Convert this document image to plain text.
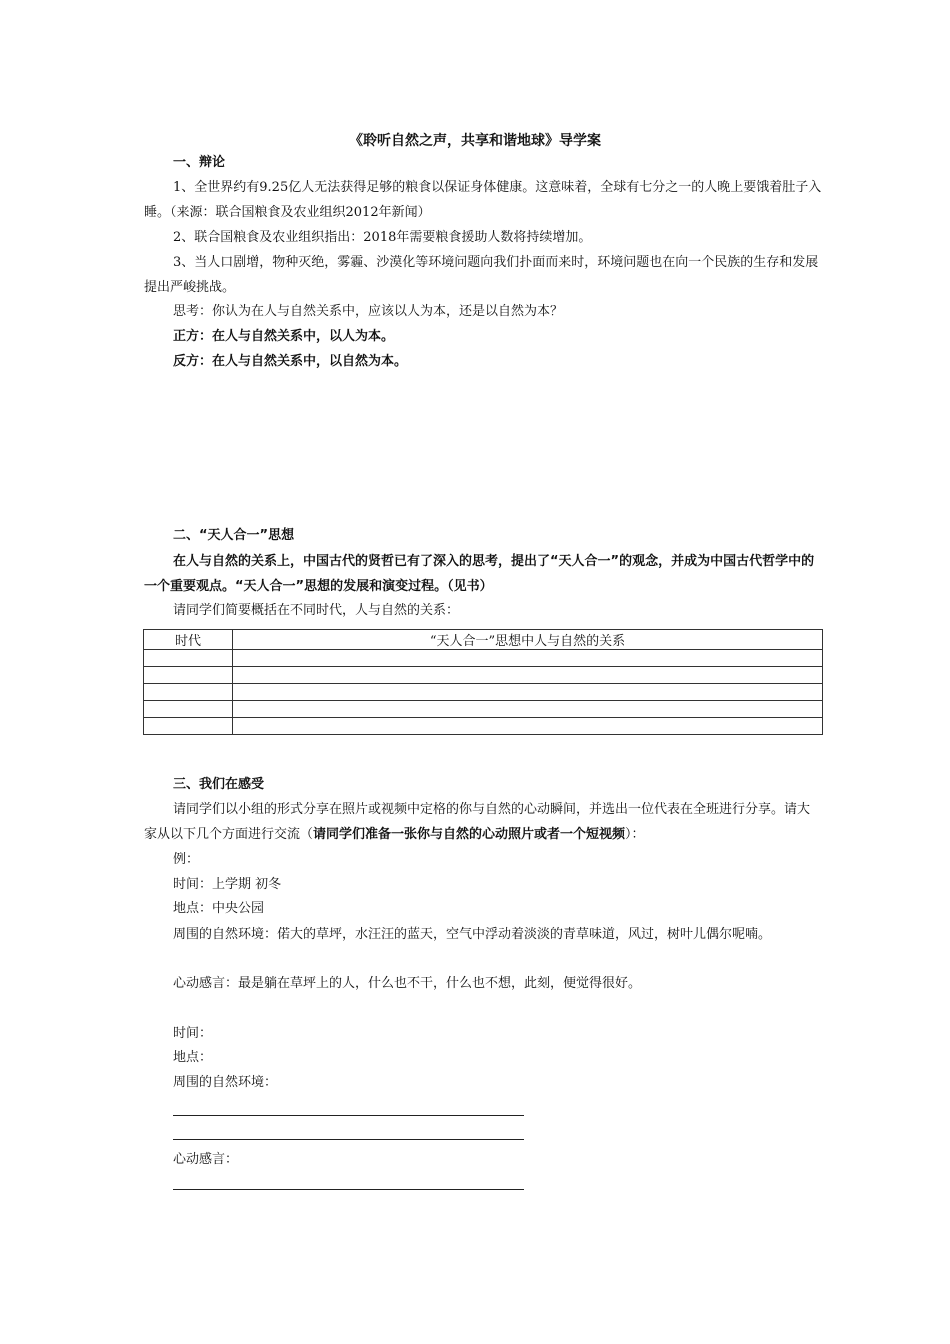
《聆听自然之声，共享和谐地球》导学案
一、辩论
1、全世界约有9.25亿人无法获得足够的粮食以保证身体健康。这意味着，全球有七分之一的人晚上要饿着肚子入睡。（来源：联合国粮食及农业组织2012年新闻）
2、联合国粮食及农业组织指出：2018年需要粮食援助人数将持续增加。
3、当人口剧增，物种灭绝，雾霾、沙漠化等环境问题向我们扑面而来时，环境问题也在向一个民族的生存和发展提出严峻挑战。
思考：你认为在人与自然关系中，应该以人为本，还是以自然为本？
正方：在人与自然关系中，以人为本。
反方：在人与自然关系中，以自然为本。
二、“天人合一”思想
在人与自然的关系上，中国古代的贤哲已有了深入的思考，提出了“天人合一”的观念，并成为中国古代哲学中的一个重要观点。“天人合一”思想的发展和演变过程。（见书）
请同学们简要概括在不同时代，人与自然的关系：
时代	“天人合一”思想中人与自然的关系

三、我们在感受
请同学们以小组的形式分享在照片或视频中定格的你与自然的心动瞬间，并选出一位代表在全班进行分享。请大家从以下几个方面进行交流（请同学们准备一张你与自然的心动照片或者一个短视频）：
例：
时间：上学期 初冬
地点：中央公园
周围的自然环境：偌大的草坪，水汪汪的蓝天，空气中浮动着淡淡的青草味道，风过，树叶儿偶尔呢喃。
心动感言：最是躺在草坪上的人，什么也不干，什么也不想，此刻，便觉得很好。
时间：
地点：
周围的自然环境：
心动感言：
